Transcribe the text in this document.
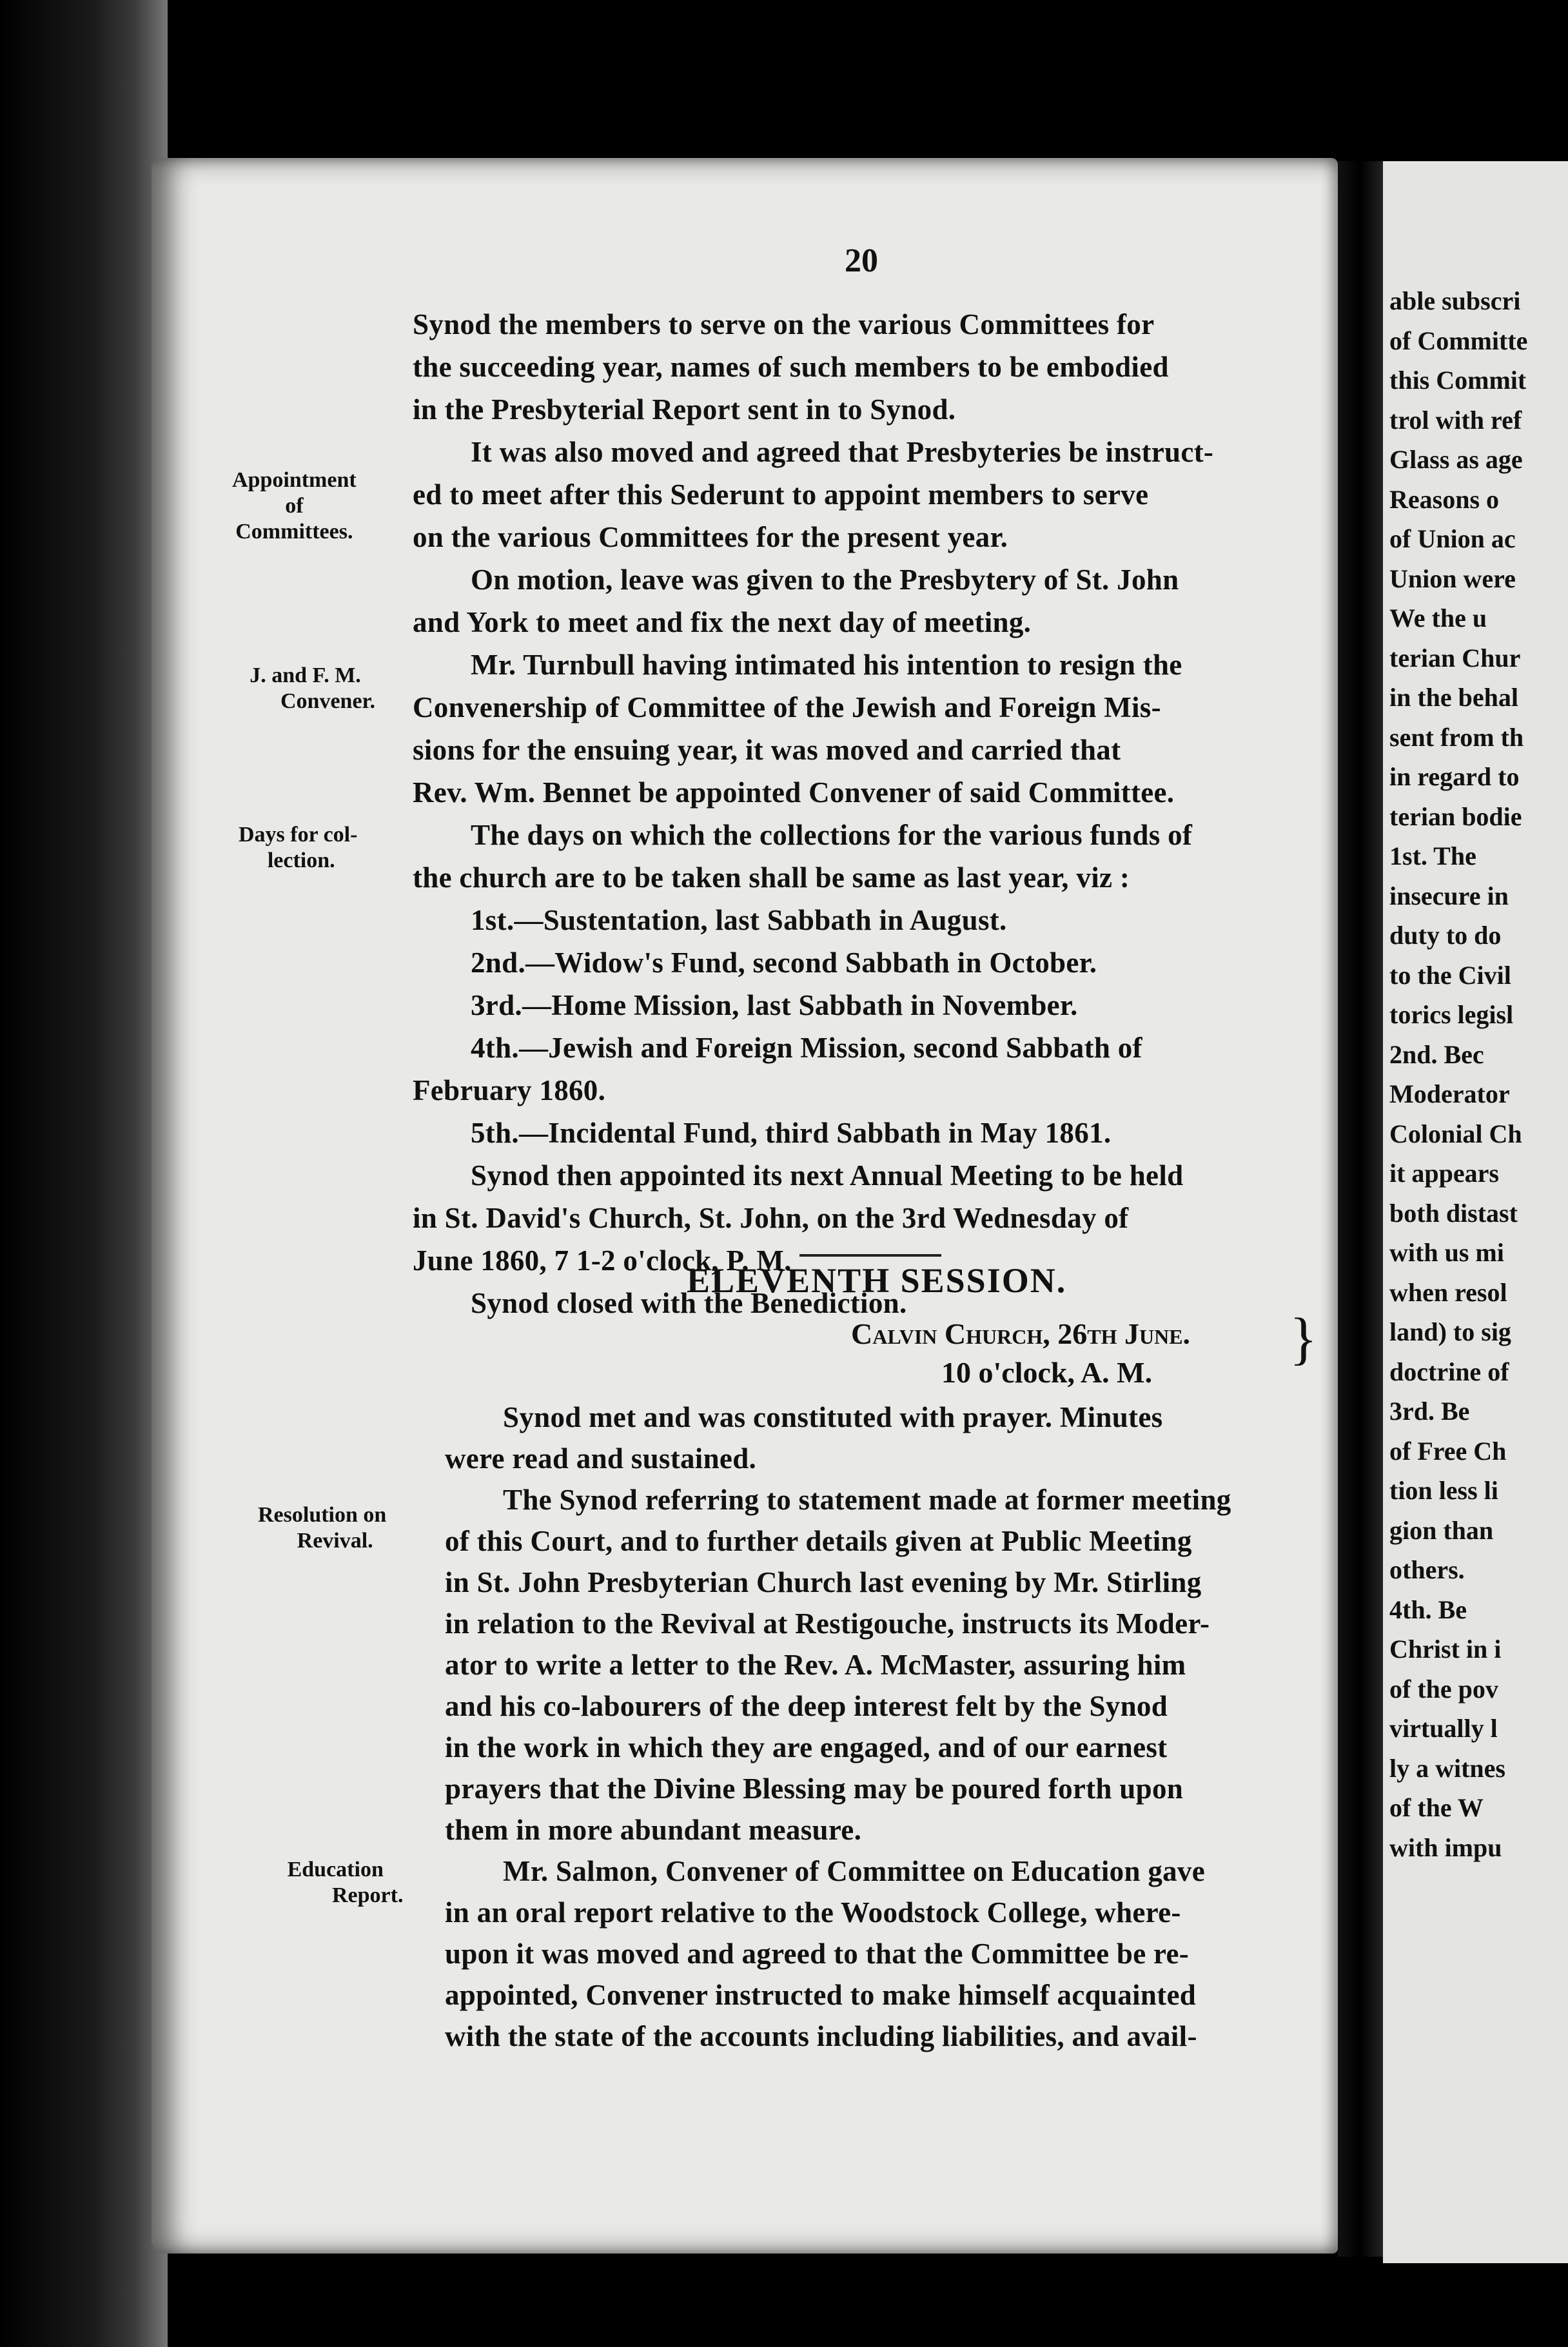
able subscri
of Committe
this Commit
trol with ref
Glass as age
Reasons o
of Union ac
Union were
We the u
terian Chur
in the behal
sent from th
in regard to
terian bodie
1st. The
insecure in
duty to do
to the Civil
torics legisl
2nd. Bec
Moderator
Colonial Ch
it appears
both distast
with us mi
when resol
land) to sig
doctrine of
3rd. Be
of Free Ch
tion less li
gion than
others.
4th. Be
Christ in i
of the pov
virtually l
ly a witnes
of the W
with impu
20
Appointment
of
Committees.
J. and F. M.
Convener.
Days for col-
lection.
Resolution on
Revival.
Education
Report.
Synod the members to serve on the various Committees for
the succeeding year, names of such members to be embodied
in the Presbyterial Report sent in to Synod.
It was also moved and agreed that Presbyteries be instruct-
ed to meet after this Sederunt to appoint members to serve
on the various Committees for the present year.
On motion, leave was given to the Presbytery of St. John
and York to meet and fix the next day of meeting.
Mr. Turnbull having intimated his intention to resign the
Convenership of Committee of the Jewish and Foreign Mis-
sions for the ensuing year, it was moved and carried that
Rev. Wm. Bennet be appointed Convener of said Committee.
The days on which the collections for the various funds of
the church are to be taken shall be same as last year, viz :
1st.—Sustentation, last Sabbath in August.
2nd.—Widow's Fund, second Sabbath in October.
3rd.—Home Mission, last Sabbath in November.
4th.—Jewish and Foreign Mission, second Sabbath of
February 1860.
5th.—Incidental Fund, third Sabbath in May 1861.
Synod then appointed its next Annual Meeting to be held
in St. David's Church, St. John, on the 3rd Wednesday of
June 1860, 7 1-2 o'clock, P. M.
Synod closed with the Benediction.
ELEVENTH SESSION.
Calvin Church, 26th June.
10 o'clock, A. M.
}
Synod met and was constituted with prayer. Minutes
were read and sustained.
The Synod referring to statement made at former meeting
of this Court, and to further details given at Public Meeting
in St. John Presbyterian Church last evening by Mr. Stirling
in relation to the Revival at Restigouche, instructs its Moder-
ator to write a letter to the Rev. A. McMaster, assuring him
and his co-labourers of the deep interest felt by the Synod
in the work in which they are engaged, and of our earnest
prayers that the Divine Blessing may be poured forth upon
them in more abundant measure.
Mr. Salmon, Convener of Committee on Education gave
in an oral report relative to the Woodstock College, where-
upon it was moved and agreed to that the Committee be re-
appointed, Convener instructed to make himself acquainted
with the state of the accounts including liabilities, and avail-
